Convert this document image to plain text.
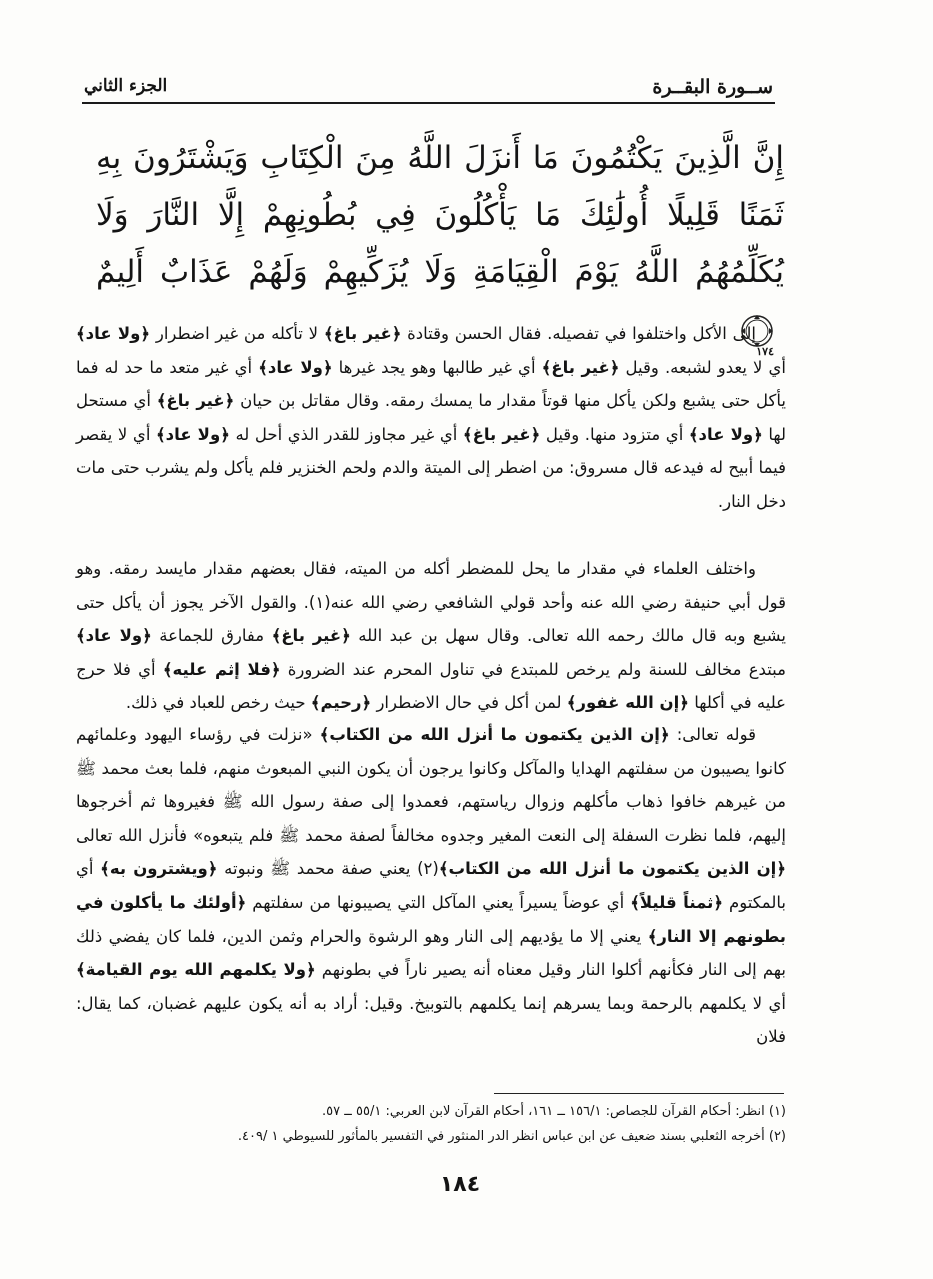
ســورة البقــرة
الجزء الثاني
إِنَّ الَّذِينَ يَكْتُمُونَ مَا أَنزَلَ اللَّهُ مِنَ الْكِتَابِ وَيَشْتَرُونَ بِهِ ثَمَنًا قَلِيلًا أُولَٰئِكَ مَا يَأْكُلُونَ فِي بُطُونِهِمْ إِلَّا النَّارَ وَلَا يُكَلِّمُهُمُ اللَّهُ يَوْمَ الْقِيَامَةِ وَلَا يُزَكِّيهِمْ وَلَهُمْ عَذَابٌ أَلِيمٌ
١٧٤

إلى الأكل واختلفوا في تفصيله. فقال الحسن وقتادة ﴿غير باغ﴾ لا تأكله من غير اضطرار ﴿ولا عاد﴾ أي لا يعدو لشبعه. وقيل ﴿غير باغ﴾ أي غير طالبها وهو يجد غيرها ﴿ولا عاد﴾ أي غير متعد ما حد له فما يأكل حتى يشبع ولكن يأكل منها قوتاً مقدار ما يمسك رمقه. وقال مقاتل بن حيان ﴿غير باغ﴾ أي مستحل لها ﴿ولا عاد﴾ أي متزود منها. وقيل ﴿غير باغ﴾ أي غير مجاوز للقدر الذي أحل له ﴿ولا عاد﴾ أي لا يقصر فيما أبيح له فيدعه قال مسروق: من اضطر إلى الميتة والدم ولحم الخنزير فلم يأكل ولم يشرب حتى مات دخل النار.

واختلف العلماء في مقدار ما يحل للمضطر أكله من الميته، فقال بعضهم مقدار مايسد رمقه. وهو قول أبي حنيفة رضي الله عنه وأحد قولي الشافعي رضي الله عنه(١). والقول الآخر يجوز أن يأكل حتى يشبع وبه قال مالك رحمه الله تعالى. وقال سهل بن عبد الله ﴿غير باغ﴾ مفارق للجماعة ﴿ولا عاد﴾ مبتدع مخالف للسنة ولم يرخص للمبتدع في تناول المحرم عند الضرورة ﴿فلا إثم عليه﴾ أي فلا حرج عليه في أكلها ﴿إن الله غفور﴾ لمن أكل في حال الاضطرار ﴿رحيم﴾ حيث رخص للعباد في ذلك.

قوله تعالى: ﴿إن الذين يكتمون ما أنزل الله من الكتاب﴾ «نزلت في رؤساء اليهود وعلمائهم كانوا يصيبون من سفلتهم الهدايا والمآكل وكانوا يرجون أن يكون النبي المبعوث منهم، فلما بعث محمد ﷺ من غيرهم خافوا ذهاب مأكلهم وزوال رياستهم، فعمدوا إلى صفة رسول الله ﷺ فغيروها ثم أخرجوها إليهم، فلما نظرت السفلة إلى النعت المغير وجدوه مخالفاً لصفة محمد ﷺ فلم يتبعوه» فأنزل الله تعالى ﴿إن الذين يكتمون ما أنزل الله من الكتاب﴾(٢) يعني صفة محمد ﷺ ونبوته ﴿ويشترون به﴾ أي بالمكتوم ﴿ثمناً قليلاً﴾ أي عوضاً يسيراً يعني المآكل التي يصيبونها من سفلتهم ﴿أولئك ما يأكلون في بطونهم إلا النار﴾ يعني إلا ما يؤديهم إلى النار وهو الرشوة والحرام وثمن الدين، فلما كان يفضي ذلك بهم إلى النار فكأنهم أكلوا النار وقيل معناه أنه يصير ناراً في بطونهم ﴿ولا يكلمهم الله يوم القيامة﴾ أي لا يكلمهم بالرحمة وبما يسرهم إنما يكلمهم بالتوبيخ. وقيل: أراد به أنه يكون عليهم غضبان، كما يقال: فلان

(١) انظر: أحكام القرآن للجصاص: ١٥٦/١ ــ ١٦١، أحكام القرآن لابن العربي: ٥٥/١ ــ ٥٧.
(٢) أخرجه الثعلبي بسند ضعيف عن ابن عباس انظر الدر المنثور في التفسير بالمأثور للسيوطي ١ /٤٠٩.
١٨٤
